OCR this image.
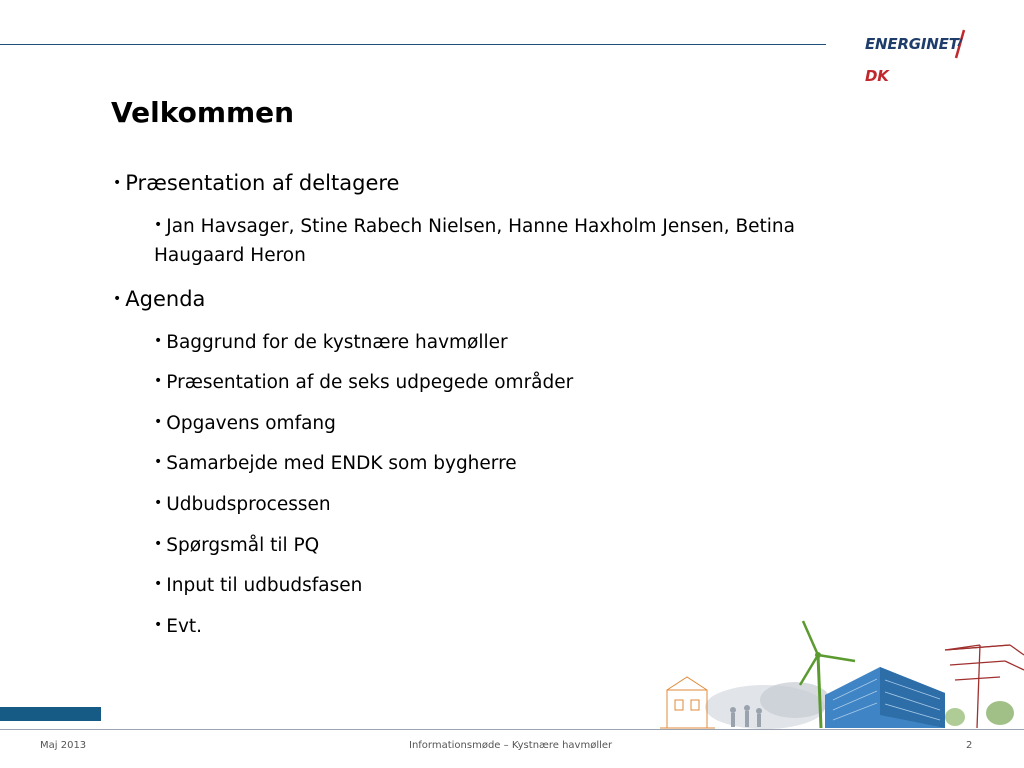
ENERGINETDK
Velkommen
• Præsentation af deltagere
• Jan Havsager, Stine Rabech Nielsen, Hanne Haxholm Jensen, Betina Haugaard Heron
• Agenda
• Baggrund for de kystnære havmøller
• Præsentation af de seks udpegede områder
• Opgavens omfang
• Samarbejde med ENDK som bygherre
• Udbudsprocessen
• Spørgsmål til PQ
• Input til udbudsfasen
• Evt.
Maj 2013	Informationsmøde – Kystnære havmøller	2
